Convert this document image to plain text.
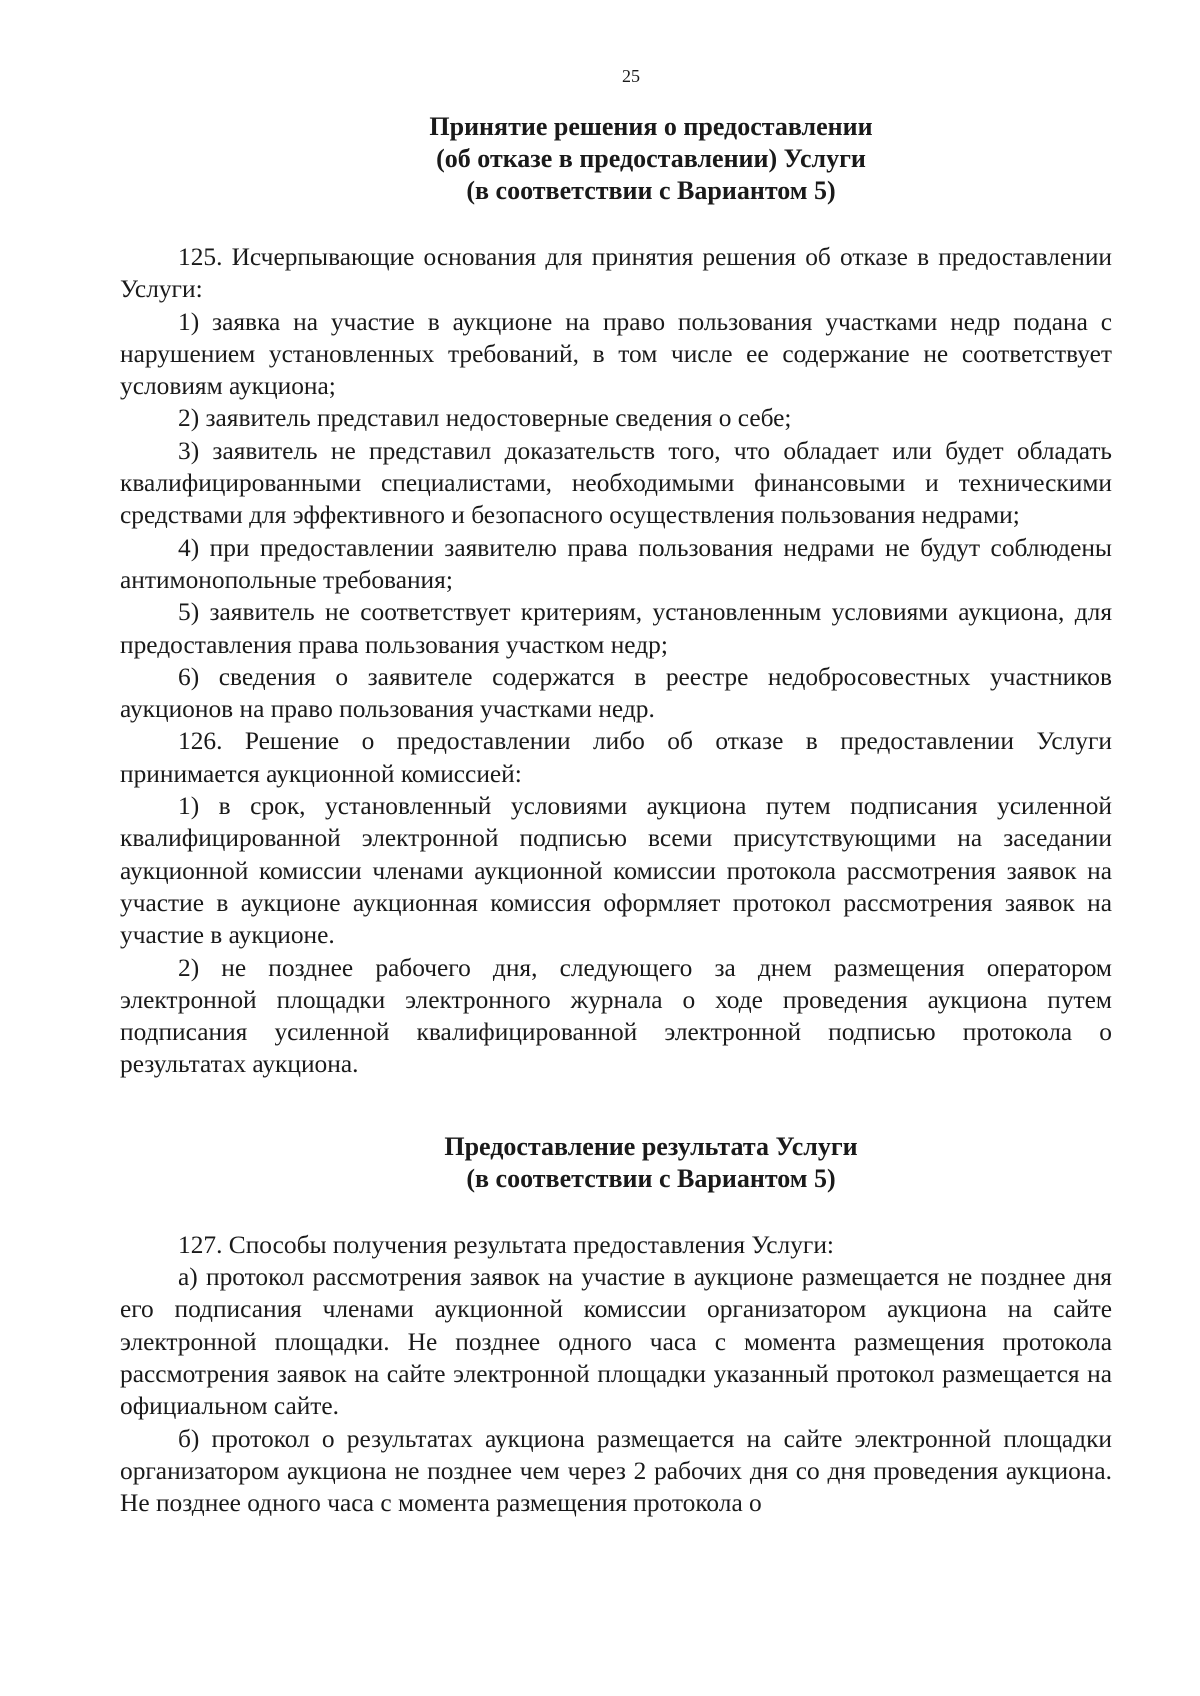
25
Принятие решения о предоставлении
(об отказе в предоставлении) Услуги
(в соответствии с Вариантом 5)

125. Исчерпывающие основания для принятия решения об отказе в предоставлении Услуги:

1) заявка на участие в аукционе на право пользования участками недр подана с нарушением установленных требований, в том числе ее содержание не соответствует условиям аукциона;

2) заявитель представил недостоверные сведения о себе;

3) заявитель не представил доказательств того, что обладает или будет обладать квалифицированными специалистами, необходимыми финансовыми и техническими средствами для эффективного и безопасного осуществления пользования недрами;

4) при предоставлении заявителю права пользования недрами не будут соблюдены антимонопольные требования;

5) заявитель не соответствует критериям, установленным условиями аукциона, для предоставления права пользования участком недр;

6) сведения о заявителе содержатся в реестре недобросовестных участников аукционов на право пользования участками недр.

126. Решение о предоставлении либо об отказе в предоставлении Услуги принимается аукционной комиссией:

1) в срок, установленный условиями аукциона путем подписания усиленной квалифицированной электронной подписью всеми присутствующими на заседании аукционной комиссии членами аукционной комиссии протокола рассмотрения заявок на участие в аукционе аукционная комиссия оформляет протокол рассмотрения заявок на участие в аукционе.

2) не позднее рабочего дня, следующего за днем размещения оператором электронной площадки электронного журнала о ходе проведения аукциона путем подписания усиленной квалифицированной электронной подписью протокола о результатах аукциона.

Предоставление результата Услуги
(в соответствии с Вариантом 5)

127. Способы получения результата предоставления Услуги:

а) протокол рассмотрения заявок на участие в аукционе размещается не позднее дня его подписания членами аукционной комиссии организатором аукциона на сайте электронной площадки. Не позднее одного часа с момента размещения протокола рассмотрения заявок на сайте электронной площадки указанный протокол размещается на официальном сайте.

б) протокол о результатах аукциона размещается на сайте электронной площадки организатором аукциона не позднее чем через 2 рабочих дня со дня проведения аукциона. Не позднее одного часа с момента размещения протокола о
